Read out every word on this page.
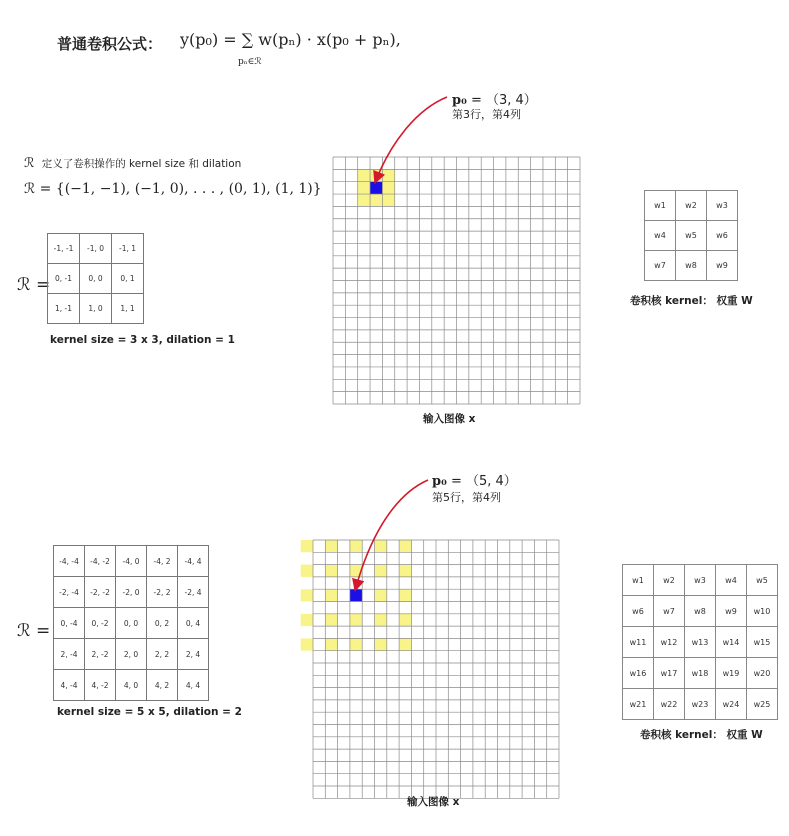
普通卷积公式： y(p₀) = ∑ w(pₙ) · x(p₀ + pₙ),
pₙ∈ℛ
p₀ = （3, 4）
第3行，第4列
ℛ 定义了卷积操作的 kernel size 和 dilation
ℛ = {(−1, −1), (−1, 0), . . . , (0, 1), (1, 1)}
ℛ =
-1, -1	-1, 0	-1, 1
0, -1	0, 0	0, 1
1, -1	1, 0	1, 1
kernel size = 3 x 3, dilation = 1
输入图像 x
w1	w2	w3
w4	w5	w6
w7	w8	w9
卷积核 kernel： 权重 W
p₀ = （5, 4）
第5行，第4列
ℛ =
-4, -4	-4, -2	-4, 0	-4, 2	-4, 4
-2, -4	-2, -2	-2, 0	-2, 2	-2, 4
0, -4	0, -2	0, 0	0, 2	0, 4
2, -4	2, -2	2, 0	2, 2	2, 4
4, -4	4, -2	4, 0	4, 2	4, 4
kernel size = 5 x 5, dilation = 2
输入图像 x
w1	w2	w3	w4	w5
w6	w7	w8	w9	w10
w11	w12	w13	w14	w15
w16	w17	w18	w19	w20
w21	w22	w23	w24	w25
卷积核 kernel： 权重 W
